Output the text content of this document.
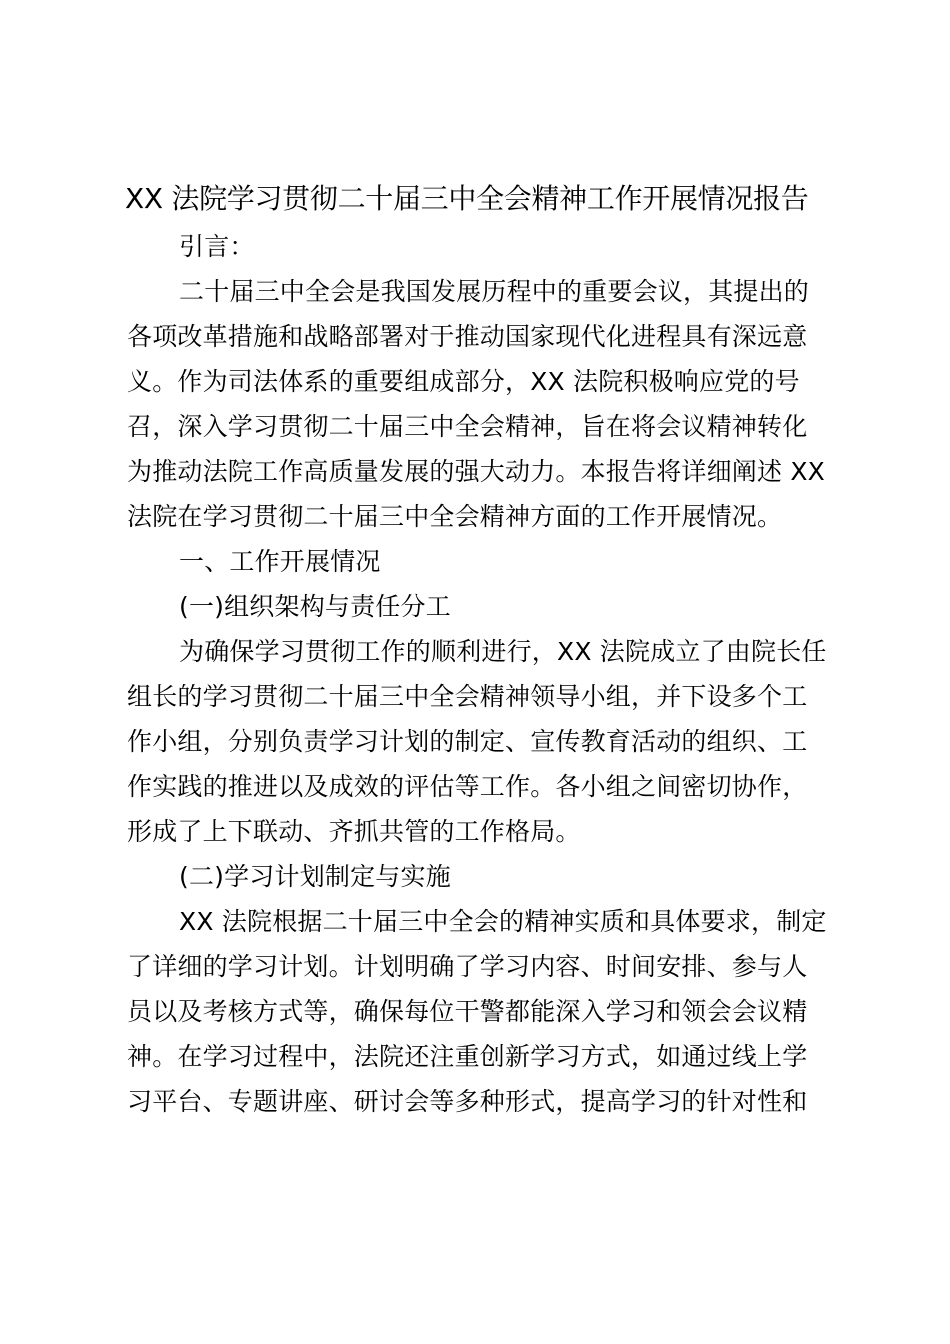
XX 法院学习贯彻二十届三中全会精神工作开展情况报告

引言：

二十届三中全会是我国发展历程中的重要会议，其提出的
各项改革措施和战略部署对于推动国家现代化进程具有深远意
义。作为司法体系的重要组成部分，XX 法院积极响应党的号
召，深入学习贯彻二十届三中全会精神，旨在将会议精神转化
为推动法院工作高质量发展的强大动力。本报告将详细阐述 XX
法院在学习贯彻二十届三中全会精神方面的工作开展情况。

一、工作开展情况

(一)组织架构与责任分工

为确保学习贯彻工作的顺利进行，XX 法院成立了由院长任
组长的学习贯彻二十届三中全会精神领导小组，并下设多个工
作小组，分别负责学习计划的制定、宣传教育活动的组织、工
作实践的推进以及成效的评估等工作。各小组之间密切协作，
形成了上下联动、齐抓共管的工作格局。

(二)学习计划制定与实施

XX 法院根据二十届三中全会的精神实质和具体要求，制定
了详细的学习计划。计划明确了学习内容、时间安排、参与人
员以及考核方式等，确保每位干警都能深入学习和领会会议精
神。在学习过程中，法院还注重创新学习方式，如通过线上学
习平台、专题讲座、研讨会等多种形式，提高学习的针对性和
